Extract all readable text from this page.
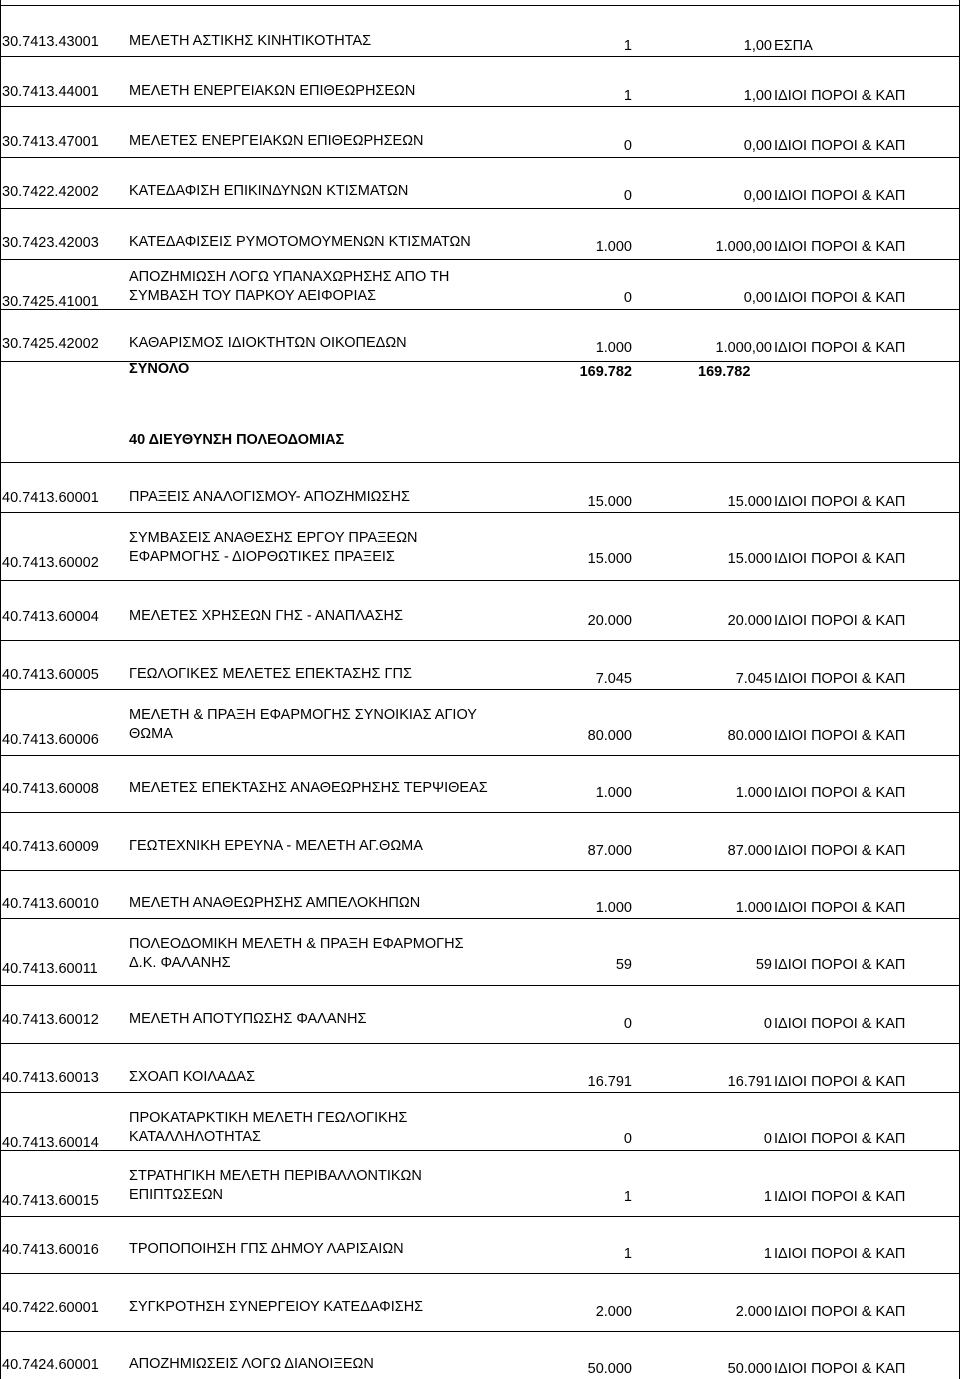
30.7413.43001 ΜΕΛΕΤΗ ΑΣΤΙΚΗΣ ΚΙΝΗΤΙΚΟΤΗΤΑΣ	1	1,00 ΕΣΠΑ
30.7413.44001 ΜΕΛΕΤΗ ΕΝΕΡΓΕΙΑΚΩΝ ΕΠΙΘΕΩΡΗΣΕΩΝ	1	1,00 ΙΔΙΟΙ ΠΟΡΟΙ & ΚΑΠ
30.7413.47001 ΜΕΛΕΤΕΣ ΕΝΕΡΓΕΙΑΚΩΝ ΕΠΙΘΕΩΡΗΣΕΩΝ	0	0,00 ΙΔΙΟΙ ΠΟΡΟΙ & ΚΑΠ
30.7422.42002 ΚΑΤΕΔΑΦΙΣΗ ΕΠΙΚΙΝΔΥΝΩΝ ΚΤΙΣΜΑΤΩΝ	0	0,00 ΙΔΙΟΙ ΠΟΡΟΙ & ΚΑΠ
30.7423.42003 ΚΑΤΕΔΑΦΙΣΕΙΣ ΡΥΜΟΤΟΜΟΥΜΕΝΩΝ ΚΤΙΣΜΑΤΩΝ	1.000	1.000,00 ΙΔΙΟΙ ΠΟΡΟΙ & ΚΑΠ
30.7425.41001
ΑΠΟΖΗΜΙΩΣΗ ΛΟΓΩ ΥΠΑΝΑΧΩΡΗΣΗΣ ΑΠΟ ΤΗ
ΣΥΜΒΑΣΗ ΤΟΥ ΠΑΡΚΟΥ ΑΕΙΦΟΡΙΑΣ	0	0,00 ΙΔΙΟΙ ΠΟΡΟΙ & ΚΑΠ
30.7425.42002 ΚΑΘΑΡΙΣΜΟΣ ΙΔΙΟΚΤΗΤΩΝ ΟΙΚΟΠΕΔΩΝ	1.000	1.000,00 ΙΔΙΟΙ ΠΟΡΟΙ & ΚΑΠ
ΣΥΝΟΛΟ	169.782	169.782
40 ΔΙΕΥΘΥΝΣΗ ΠΟΛΕΟΔΟΜΙΑΣ
40.7413.60001 ΠΡΑΞΕΙΣ ΑΝΑΛΟΓΙΣΜΟΥ- ΑΠΟΖΗΜΙΩΣΗΣ	15.000	15.000 ΙΔΙΟΙ ΠΟΡΟΙ & ΚΑΠ
40.7413.60002
ΣΥΜΒΑΣΕΙΣ ΑΝΑΘΕΣΗΣ ΕΡΓΟΥ ΠΡΑΞΕΩΝ
ΕΦΑΡΜΟΓΗΣ - ΔΙΟΡΘΩΤΙΚΕΣ ΠΡΑΞΕΙΣ	15.000	15.000 ΙΔΙΟΙ ΠΟΡΟΙ & ΚΑΠ
40.7413.60004 ΜΕΛΕΤΕΣ ΧΡΗΣΕΩΝ ΓΗΣ - ΑΝΑΠΛΑΣΗΣ	20.000	20.000 ΙΔΙΟΙ ΠΟΡΟΙ & ΚΑΠ
40.7413.60005 ΓΕΩΛΟΓΙΚΕΣ ΜΕΛΕΤΕΣ ΕΠΕΚΤΑΣΗΣ ΓΠΣ	7.045	7.045 ΙΔΙΟΙ ΠΟΡΟΙ & ΚΑΠ
40.7413.60006
ΜΕΛΕΤΗ & ΠΡΑΞΗ ΕΦΑΡΜΟΓΗΣ ΣΥΝΟΙΚΙΑΣ ΑΓΙΟΥ
ΘΩΜΑ	80.000	80.000 ΙΔΙΟΙ ΠΟΡΟΙ & ΚΑΠ
40.7413.60008 ΜΕΛΕΤΕΣ ΕΠΕΚΤΑΣΗΣ ΑΝΑΘΕΩΡΗΣΗΣ ΤΕΡΨΙΘΕΑΣ	1.000	1.000 ΙΔΙΟΙ ΠΟΡΟΙ & ΚΑΠ
40.7413.60009 ΓΕΩΤΕΧΝΙΚΗ ΕΡΕΥΝΑ - ΜΕΛΕΤΗ ΑΓ.ΘΩΜΑ	87.000	87.000 ΙΔΙΟΙ ΠΟΡΟΙ & ΚΑΠ
40.7413.60010 ΜΕΛΕΤΗ ΑΝΑΘΕΩΡΗΣΗΣ ΑΜΠΕΛΟΚΗΠΩΝ	1.000	1.000 ΙΔΙΟΙ ΠΟΡΟΙ & ΚΑΠ
40.7413.60011
ΠΟΛΕΟΔΟΜΙΚΗ ΜΕΛΕΤΗ & ΠΡΑΞΗ ΕΦΑΡΜΟΓΗΣ
Δ.Κ. ΦΑΛΑΝΗΣ	59	59 ΙΔΙΟΙ ΠΟΡΟΙ & ΚΑΠ
40.7413.60012 ΜΕΛΕΤΗ ΑΠΟΤΥΠΩΣΗΣ ΦΑΛΑΝΗΣ	0	0 ΙΔΙΟΙ ΠΟΡΟΙ & ΚΑΠ
40.7413.60013 ΣΧΟΑΠ ΚΟΙΛΑΔΑΣ	16.791	16.791 ΙΔΙΟΙ ΠΟΡΟΙ & ΚΑΠ
40.7413.60014
ΠΡΟΚΑΤΑΡΚΤΙΚΗ ΜΕΛΕΤΗ ΓΕΩΛΟΓΙΚΗΣ
ΚΑΤΑΛΛΗΛΟΤΗΤΑΣ	0	0 ΙΔΙΟΙ ΠΟΡΟΙ & ΚΑΠ
40.7413.60015
ΣΤΡΑΤΗΓΙΚΗ ΜΕΛΕΤΗ ΠΕΡΙΒΑΛΛΟΝΤΙΚΩΝ
ΕΠΙΠΤΩΣΕΩΝ	1	1 ΙΔΙΟΙ ΠΟΡΟΙ & ΚΑΠ
40.7413.60016 ΤΡΟΠΟΠΟΙΗΣΗ ΓΠΣ ΔΗΜΟΥ ΛΑΡΙΣΑΙΩΝ	1	1 ΙΔΙΟΙ ΠΟΡΟΙ & ΚΑΠ
40.7422.60001 ΣΥΓΚΡΟΤΗΣΗ ΣΥΝΕΡΓΕΙΟΥ ΚΑΤΕΔΑΦΙΣΗΣ	2.000	2.000 ΙΔΙΟΙ ΠΟΡΟΙ & ΚΑΠ
40.7424.60001 ΑΠΟΖΗΜΙΩΣΕΙΣ ΛΟΓΩ ΔΙΑΝΟΙΞΕΩΝ	50.000	50.000 ΙΔΙΟΙ ΠΟΡΟΙ & ΚΑΠ
